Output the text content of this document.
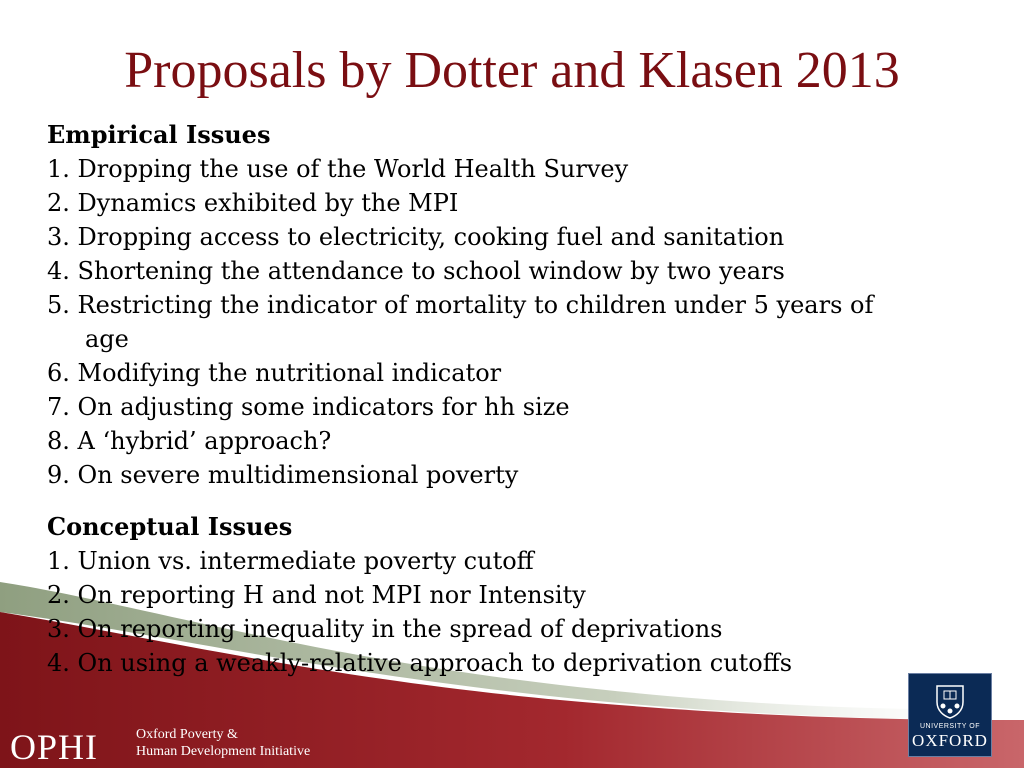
Proposals by Dotter and Klasen 2013
Empirical Issues
1. Dropping the use of the World Health Survey
2. Dynamics exhibited by the MPI
3. Dropping access to electricity, cooking fuel and sanitation
4. Shortening the attendance to school window by two years
5. Restricting the indicator of mortality to children under 5 years of
age
6. Modifying the nutritional indicator
7. On adjusting some indicators for hh size
8. A ‘hybrid’ approach?
9. On severe multidimensional poverty
Conceptual Issues
1. Union vs. intermediate poverty cutoff
2. On reporting H and not MPI nor Intensity
3. On reporting inequality in the spread of deprivations
4. On using a weakly-relative approach to deprivation cutoffs
OPHI	Oxford Poverty &
Human Development Initiative
UNIVERSITY OF
OXFORD
